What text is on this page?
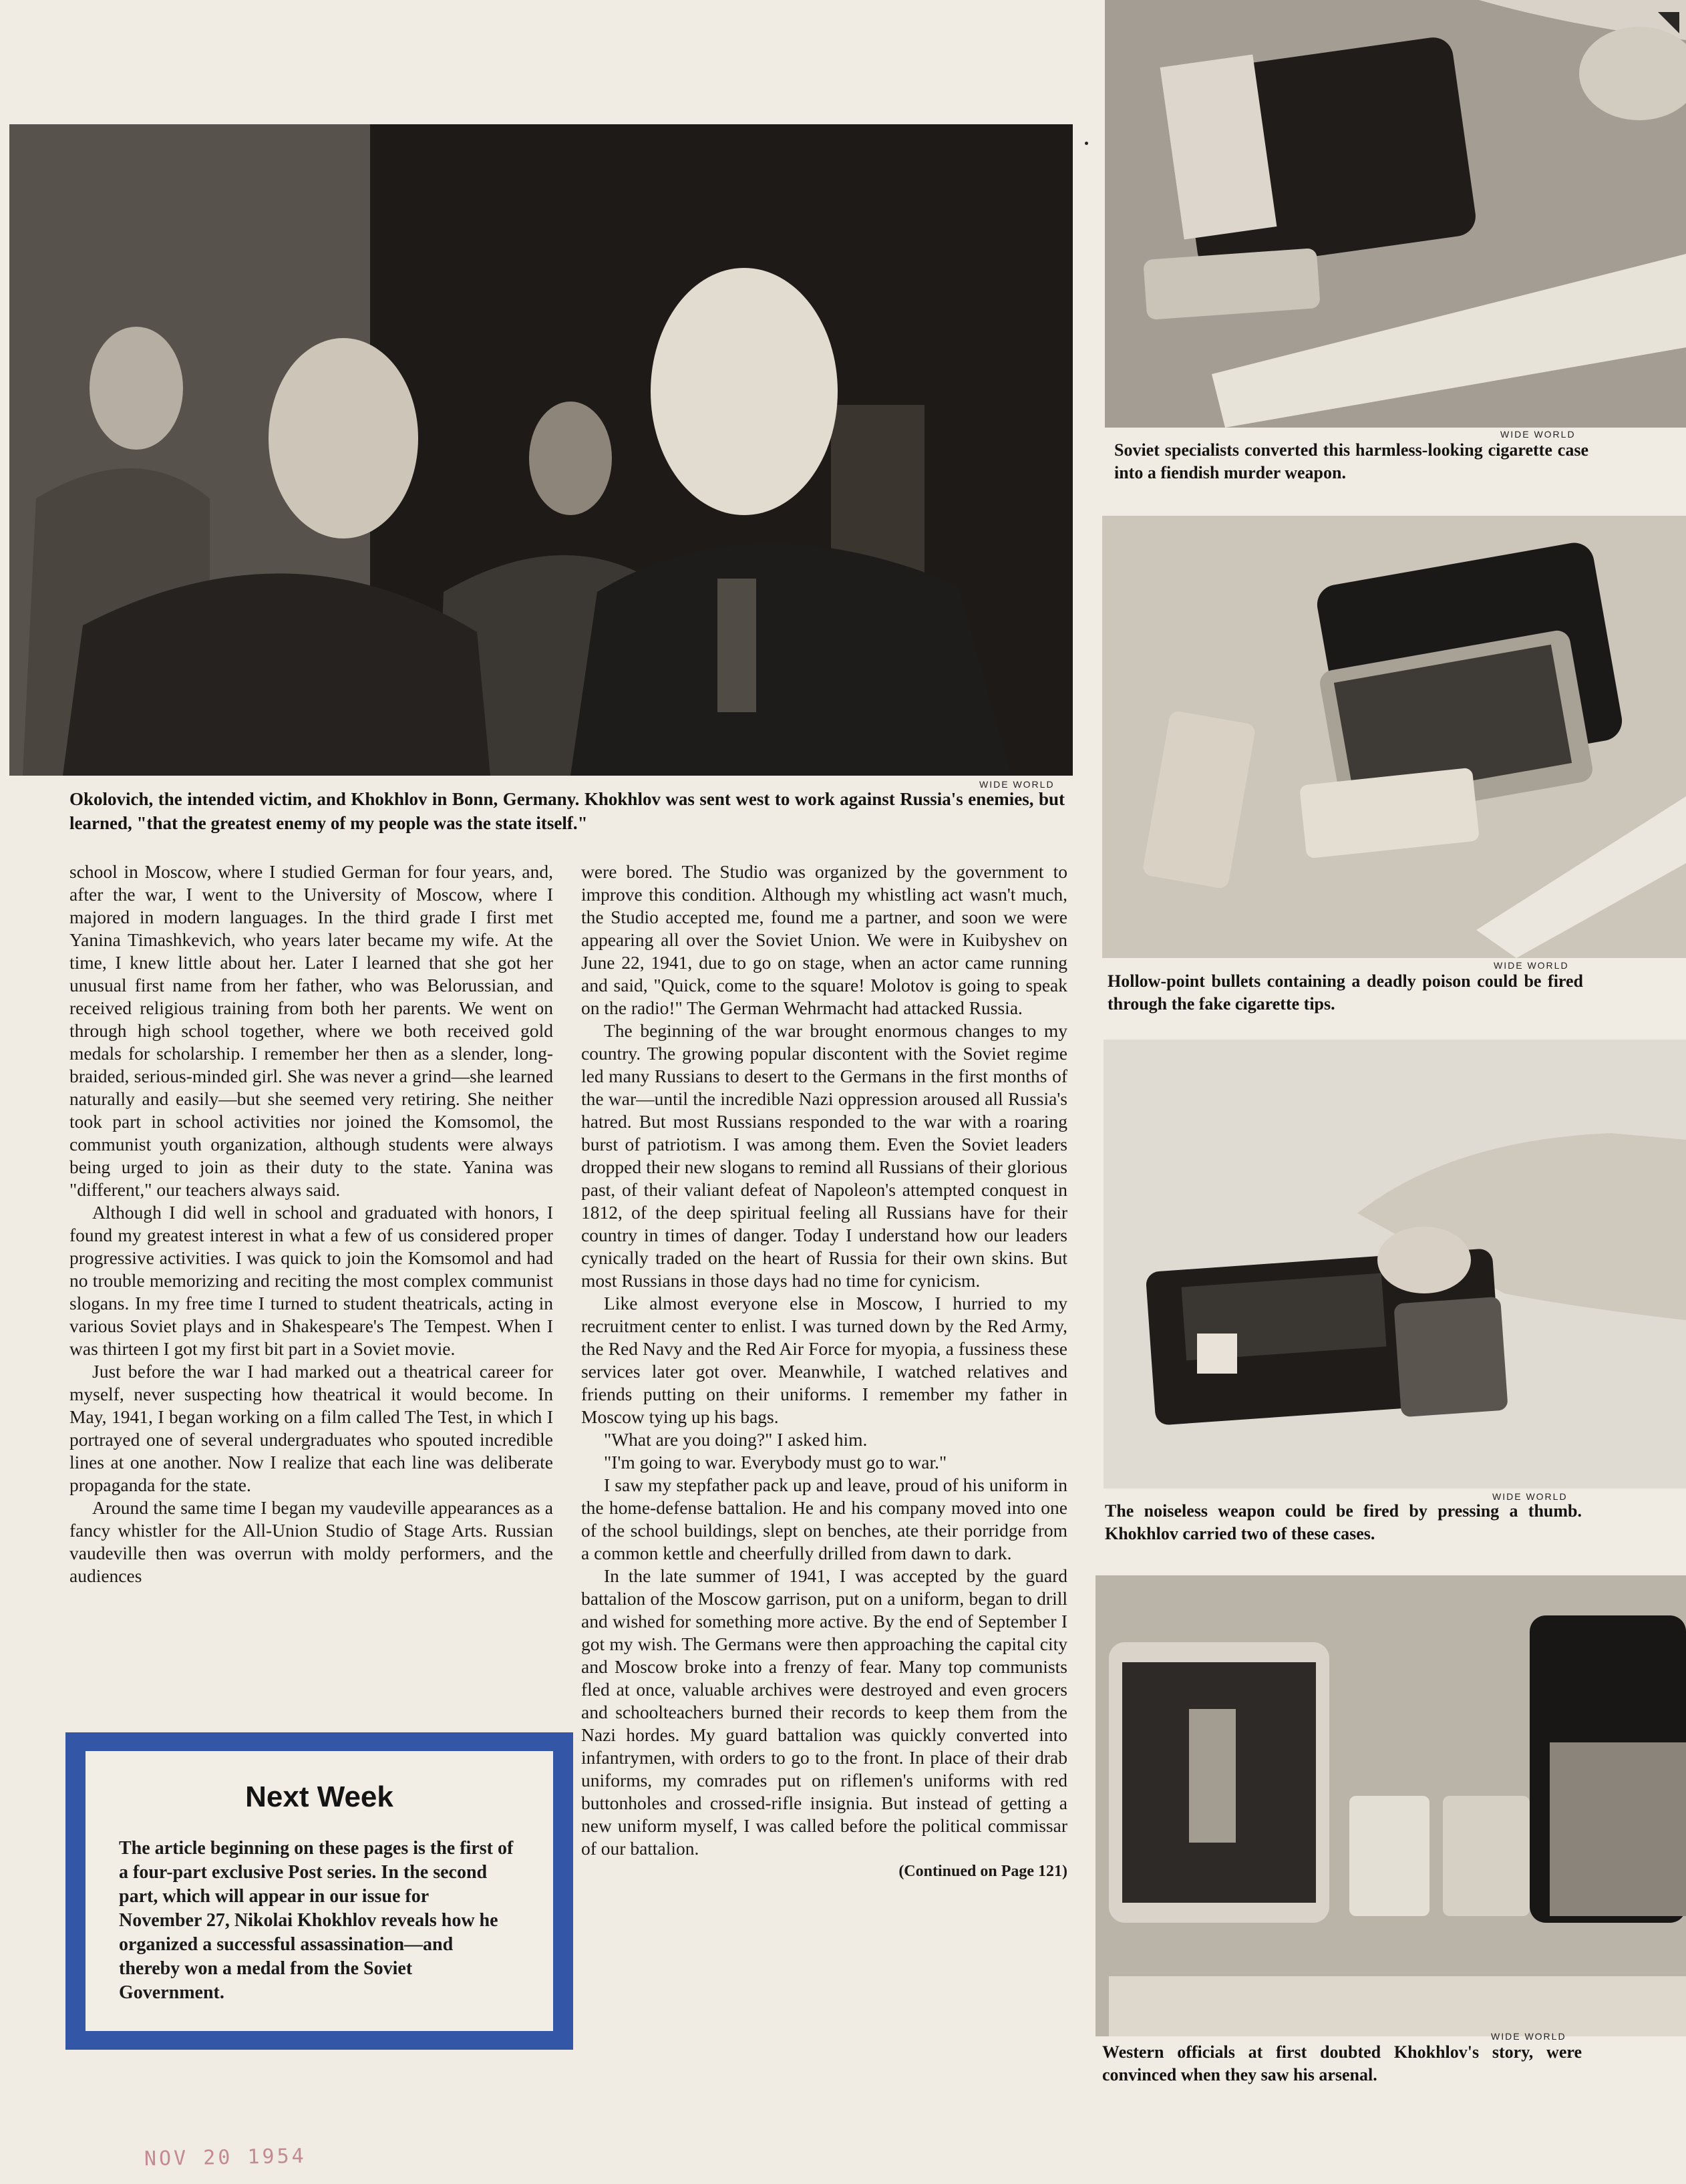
WIDE WORLD
Okolovich, the intended victim, and Khokhlov in Bonn, Germany. Khokhlov was sent west to work against Russia's enemies, but learned, "that the greatest enemy of my people was the state itself."

school in Moscow, where I studied German for four years, and, after the war, I went to the University of Moscow, where I majored in modern languages. In the third grade I first met Yanina Timashkevich, who years later became my wife. At the time, I knew little about her. Later I learned that she got her unusual first name from her father, who was Belorussian, and received religious training from both her parents. We went on through high school together, where we both received gold medals for scholarship. I remember her then as a slender, long-braided, serious-minded girl. She was never a grind—she learned naturally and easily—but she seemed very retiring. She neither took part in school activities nor joined the Komsomol, the communist youth organization, although students were always being urged to join as their duty to the state. Yanina was "different," our teachers always said.

Although I did well in school and graduated with honors, I found my greatest interest in what a few of us considered proper progressive activities. I was quick to join the Komsomol and had no trouble memorizing and reciting the most complex communist slogans. In my free time I turned to student theatricals, acting in various Soviet plays and in Shakespeare's The Tempest. When I was thirteen I got my first bit part in a Soviet movie.

Just before the war I had marked out a theatrical career for myself, never suspecting how theatrical it would become. In May, 1941, I began working on a film called The Test, in which I portrayed one of several undergraduates who spouted incredible lines at one another. Now I realize that each line was deliberate propaganda for the state.

Around the same time I began my vaudeville appearances as a fancy whistler for the All-Union Studio of Stage Arts. Russian vaudeville then was overrun with moldy performers, and the audiences

were bored. The Studio was organized by the government to improve this condition. Although my whistling act wasn't much, the Studio accepted me, found me a partner, and soon we were appearing all over the Soviet Union. We were in Kuibyshev on June 22, 1941, due to go on stage, when an actor came running and said, "Quick, come to the square! Molotov is going to speak on the radio!" The German Wehrmacht had attacked Russia.

The beginning of the war brought enormous changes to my country. The growing popular discontent with the Soviet regime led many Russians to desert to the Germans in the first months of the war—until the incredible Nazi oppression aroused all Russia's hatred. But most Russians responded to the war with a roaring burst of patriotism. I was among them. Even the Soviet leaders dropped their new slogans to remind all Russians of their glorious past, of their valiant defeat of Napoleon's attempted conquest in 1812, of the deep spiritual feeling all Russians have for their country in times of danger. Today I understand how our leaders cynically traded on the heart of Russia for their own skins. But most Russians in those days had no time for cynicism.

Like almost everyone else in Moscow, I hurried to my recruitment center to enlist. I was turned down by the Red Army, the Red Navy and the Red Air Force for myopia, a fussiness these services later got over. Meanwhile, I watched relatives and friends putting on their uniforms. I remember my father in Moscow tying up his bags.

"What are you doing?" I asked him.

"I'm going to war. Everybody must go to war."

I saw my stepfather pack up and leave, proud of his uniform in the home-defense battalion. He and his company moved into one of the school buildings, slept on benches, ate their porridge from a common kettle and cheerfully drilled from dawn to dark.

In the late summer of 1941, I was accepted by the guard battalion of the Moscow garrison, put on a uniform, began to drill and wished for something more active. By the end of September I got my wish. The Germans were then approaching the capital city and Moscow broke into a frenzy of fear. Many top communists fled at once, valuable archives were destroyed and even grocers and schoolteachers burned their records to keep them from the Nazi hordes. My guard battalion was quickly converted into infantrymen, with orders to go to the front. In place of their drab uniforms, my comrades put on riflemen's uniforms with red buttonholes and crossed-rifle insignia. But instead of getting a new uniform myself, I was called before the political commissar of our battalion.

(Continued on Page 121)
Next Week
The article beginning on these pages is the first of a four-part exclusive Post series. In the second part, which will appear in our issue for November 27, Nikolai Khokhlov reveals how he organized a successful assassination—and thereby won a medal from the Soviet Government.
WIDE WORLD
Soviet specialists converted this harmless-looking cigarette case into a fiendish murder weapon.
WIDE WORLD
Hollow-point bullets containing a deadly poison could be fired through the fake cigarette tips.
WIDE WORLD
The noiseless weapon could be fired by pressing a thumb. Khokhlov carried two of these cases.
WIDE WORLD
Western officials at first doubted Khokhlov's story, were convinced when they saw his arsenal.
NOV 20 1954
